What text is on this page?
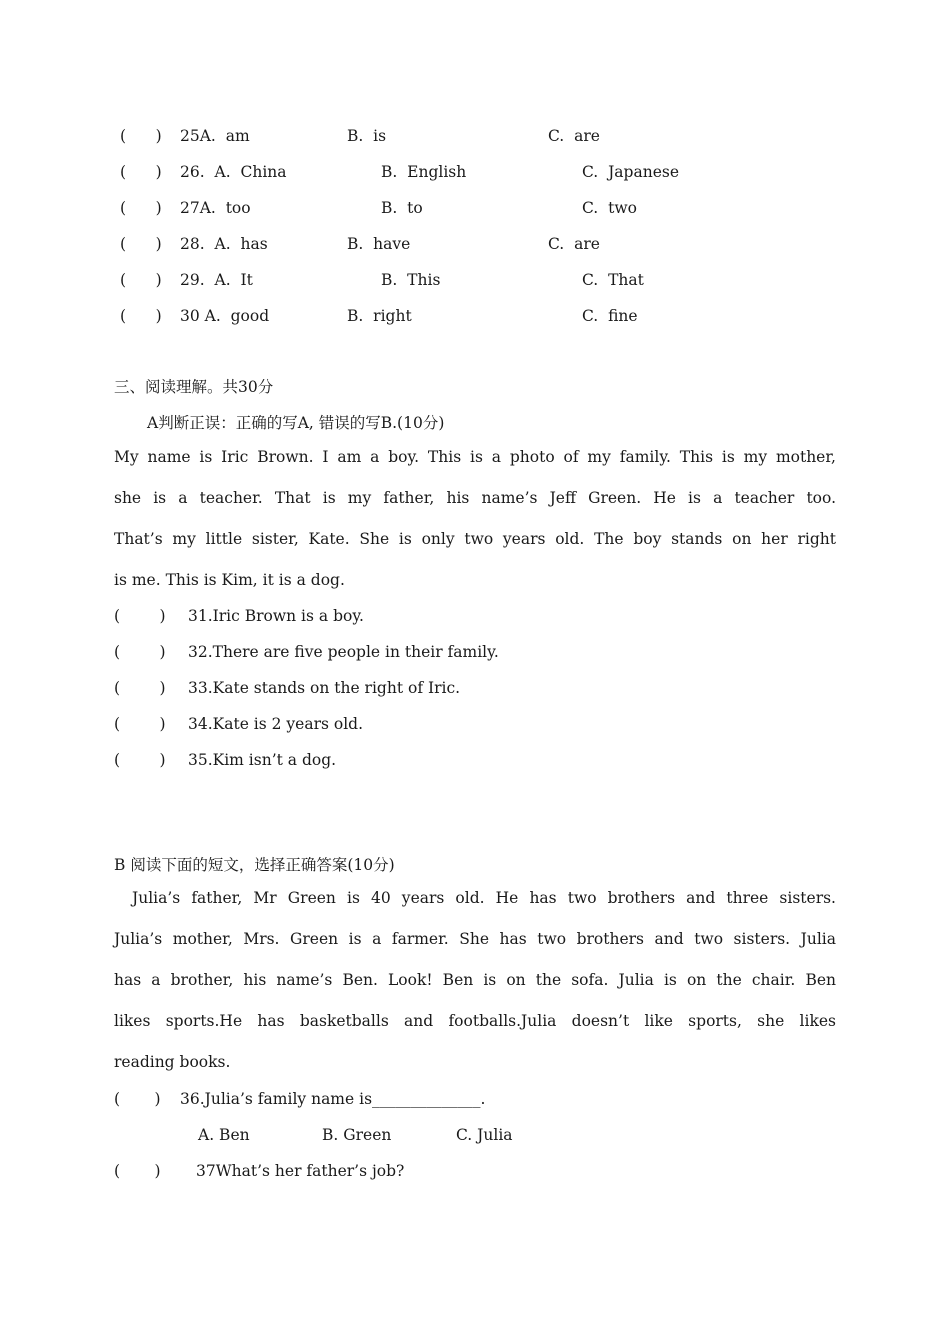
(      ) 25A.  am	B.  is	C.  are
(      ) 26.  A.  China	B.  English	C.  Japanese
(      ) 27A.  too	B.  to	C.  two
(      ) 28.  A.  has	B.  have	C.  are
(      ) 29.  A.  It	B.  This	C.  That
(      ) 30 A.  good	B.  right	C.  fine
三、阅读理解。共30分
A判断正误：正确的写A, 错误的写B.(10分)
My name is Iric Brown. I am a boy. This is a photo of my family. This is my mother,
she is a teacher. That is my father, his name’s Jeff Green. He is a teacher too.
That’s my little sister, Kate. She is only two years old. The boy stands on her right
is me. This is Kim, it is a dog.
(        ) 31.Iric Brown is a boy.
(        ) 32.There are five people in their family.
(        ) 33.Kate stands on the right of Iric.
(        ) 34.Kate is 2 years old.
(        ) 35.Kim isn’t a dog.
B 阅读下面的短文，选择正确答案(10分)
Julia’s father, Mr Green is 40 years old. He has two brothers and three sisters.
Julia’s mother, Mrs. Green is a farmer. She has two brothers and two sisters. Julia
has a brother, his name’s Ben. Look! Ben is on the sofa. Julia is on the chair. Ben
likes sports.He has basketballs and footballs.Julia doesn’t like sports, she likes
reading books.
(       ) 36.Julia’s family name is______________.
A. Ben	B. Green	C. Julia
(       ) 37What’s her father’s job?
